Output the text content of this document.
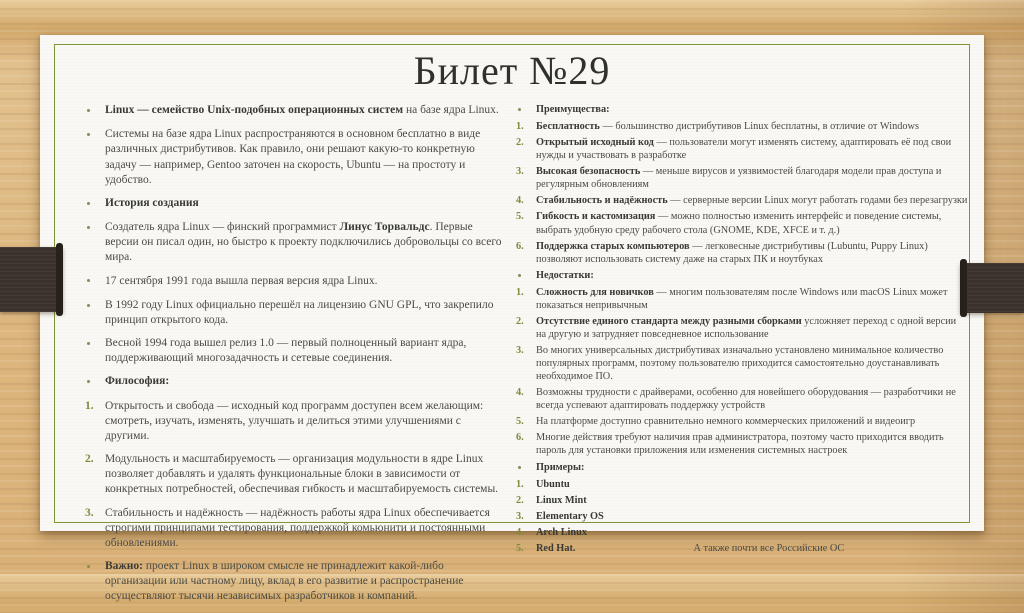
Билет №29
Linux — семейство Unix-подобных операционных систем на базе ядра Linux.
Системы на базе ядра Linux распространяются в основном бесплатно в виде различных дистрибутивов. Как правило, они решают какую-то конкретную задачу — например, Gentoo заточен на скорость, Ubuntu — на простоту и удобство.
История создания
Создатель ядра Linux — финский программист Линус Торвальдс. Первые версии он писал один, но быстро к проекту подключились добровольцы со всего мира.
17 сентября 1991 года вышла первая версия ядра Linux.
В 1992 году Linux официально перешёл на лицензию GNU GPL, что закрепило принцип открытого кода.
Весной 1994 года вышел релиз 1.0 — первый полноценный вариант ядра, поддерживающий многозадачность и сетевые соединения.
Философия:
1. Открытость и свобода — исходный код программ доступен всем желающим: смотреть, изучать, изменять, улучшать и делиться этими улучшениями с другими.
2. Модульность и масштабируемость — организация модульности в ядре Linux позволяет добавлять и удалять функциональные блоки в зависимости от конкретных потребностей, обеспечивая гибкость и масштабируемость системы.
3. Стабильность и надёжность — надёжность работы ядра Linux обеспечивается строгими принципами тестирования, поддержкой комьюнити и постоянными обновлениями.
Важно: проект Linux в широком смысле не принадлежит какой-либо организации или частному лицу, вклад в его развитие и распространение осуществляют тысячи независимых разработчиков и компаний.
Преимущества:
1.	Бесплатность — большинство дистрибутивов Linux бесплатны, в отличие от Windows
2.	Открытый исходный код — пользователи могут изменять систему, адаптировать её под свои нужды и участвовать в разработке
3.	Высокая безопасность — меньше вирусов и уязвимостей благодаря модели прав доступа и регулярным обновлениям
4.	Стабильность и надёжность — серверные версии Linux могут работать годами без перезагрузки
5.	Гибкость и кастомизация — можно полностью изменить интерфейс и поведение системы, выбрать удобную среду рабочего стола (GNOME, KDE, XFCE и т. д.)
6.	Поддержка старых компьютеров — легковесные дистрибутивы (Lubuntu, Puppy Linux) позволяют использовать систему даже на старых ПК и ноутбуках
Недостатки:
1.	Сложность для новичков — многим пользователям после Windows или macOS Linux может показаться непривычным
2.	Отсутствие единого стандарта между разными сборками усложняет переход с одной версии на другую и затрудняет повседневное использование
3.	Во многих универсальных дистрибутивах изначально установлено минимальное количество популярных программ, поэтому пользователю приходится самостоятельно доустанавливать необходимое ПО.
4.	Возможны трудности с драйверами, особенно для новейшего оборудования — разработчики не всегда успевают адаптировать поддержку устройств
5.	На платформе доступно сравнительно немного коммерческих приложений и видеоигр
6.	Многие действия требуют наличия прав администратора, поэтому часто приходится вводить пароль для установки приложения или изменения системных настроек
Примеры:
1.	Ubuntu
2.	Linux Mint
3.	Elementary OS
4.	Arch Linux
5.	Red Hat.	А также почти все Российские ОС
